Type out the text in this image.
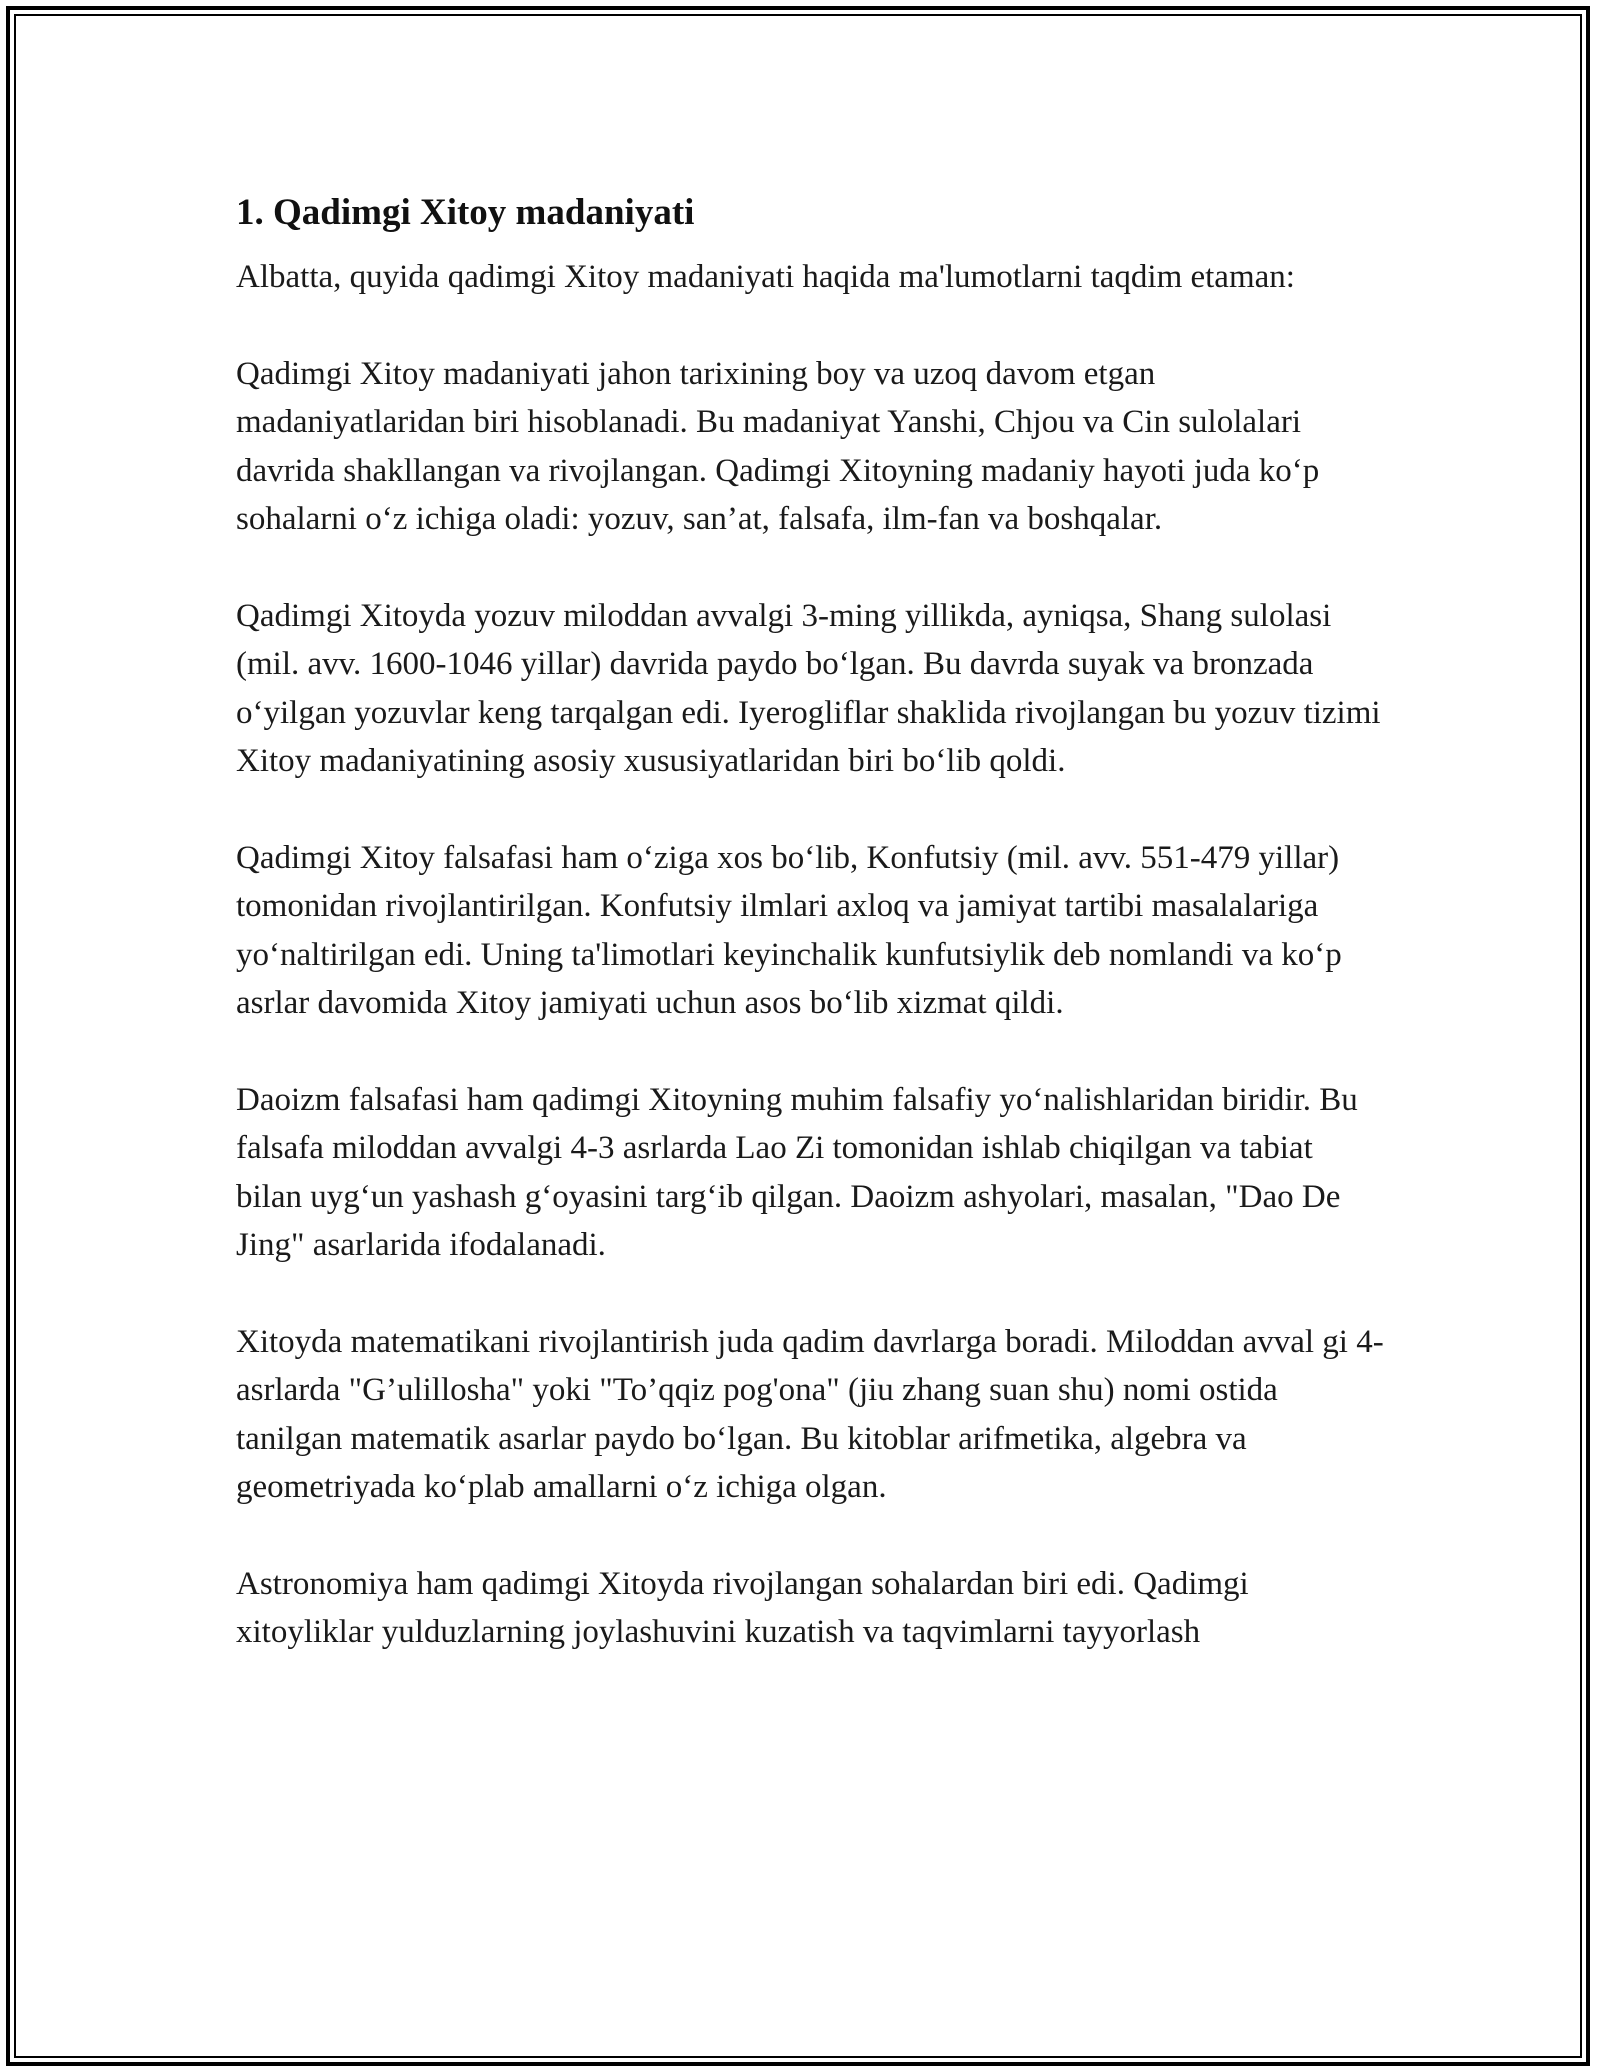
1. Qadimgi Xitoy madaniyati

Albatta, quyida qadimgi Xitoy madaniyati haqida ma'lumotlarni taqdim etaman:

Qadimgi Xitoy madaniyati jahon tarixining boy va uzoq davom etgan madaniyatlaridan biri hisoblanadi. Bu madaniyat Yanshi, Chjou va Cin sulolalari davrida shakllangan va rivojlangan. Qadimgi Xitoyning madaniy hayoti juda ko‘p sohalarni o‘z ichiga oladi: yozuv, san’at, falsafa, ilm-fan va boshqalar.

Qadimgi Xitoyda yozuv miloddan avvalgi 3-ming yillikda, ayniqsa, Shang sulolasi (mil. avv. 1600-1046 yillar) davrida paydo bo‘lgan. Bu davrda suyak va bronzada o‘yilgan yozuvlar keng tarqalgan edi. Iyerogliflar shaklida rivojlangan bu yozuv tizimi Xitoy madaniyatining asosiy xususiyatlaridan biri bo‘lib qoldi.

Qadimgi Xitoy falsafasi ham o‘ziga xos bo‘lib, Konfutsiy (mil. avv. 551-479 yillar) tomonidan rivojlantirilgan. Konfutsiy ilmlari axloq va jamiyat tartibi masalalariga yo‘naltirilgan edi. Uning ta'limotlari keyinchalik kunfutsiylik deb nomlandi va ko‘p asrlar davomida Xitoy jamiyati uchun asos bo‘lib xizmat qildi.

Daoizm falsafasi ham qadimgi Xitoyning muhim falsafiy yo‘nalishlaridan biridir. Bu falsafa miloddan avvalgi 4-3 asrlarda Lao Zi tomonidan ishlab chiqilgan va tabiat bilan uyg‘un yashash g‘oyasini targ‘ib qilgan. Daoizm ashyolari, masalan, "Dao De Jing" asarlarida ifodalanadi.

Xitoyda matematikani rivojlantirish juda qadim davrlarga boradi. Miloddan avval gi 4-asrlarda "G’ulillosha" yoki "To’qqiz pog'ona" (jiu zhang suan shu) nomi ostida tanilgan matematik asarlar paydo bo‘lgan. Bu kitoblar arifmetika, algebra va geometriyada ko‘plab amallarni o‘z ichiga olgan.

Astronomiya ham qadimgi Xitoyda rivojlangan sohalardan biri edi. Qadimgi xitoyliklar yulduzlarning joylashuvini kuzatish va taqvimlarni tayyorlash
